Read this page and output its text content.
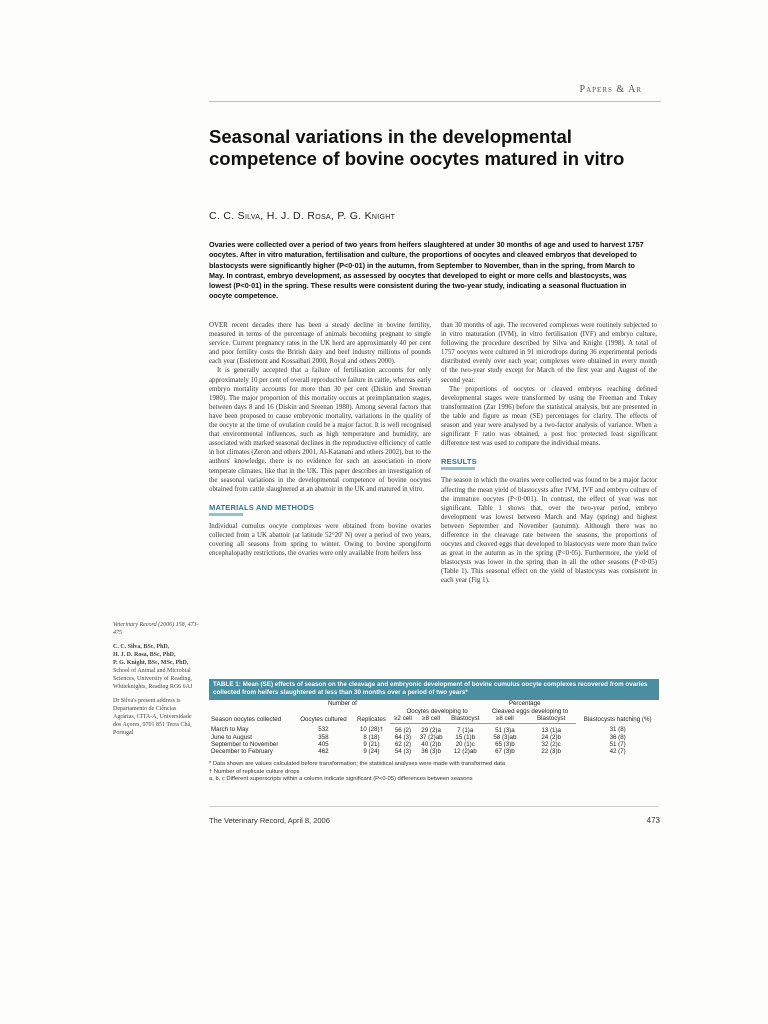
Papers & Ar
Seasonal variations in the developmental competence of bovine oocytes matured in vitro
C. C. Silva, H. J. D. Rosa, P. G. Knight

Ovaries were collected over a period of two years from heifers slaughtered at under 30 months of age and used to harvest 1757 oocytes. After in vitro maturation, fertilisation and culture, the proportions of oocytes and cleaved embryos that developed to blastocysts were significantly higher (P<0·01) in the autumn, from September to November, than in the spring, from March to May. In contrast, embryo development, as assessed by oocytes that developed to eight or more cells and blastocysts, was lowest (P<0·01) in the spring. These results were consistent during the two-year study, indicating a seasonal fluctuation in oocyte competence.

OVER recent decades there has been a steady decline in bovine fertility, measured in terms of the percentage of animals becoming pregnant to single service. Current pregnancy rates in the UK herd are approximately 40 per cent and poor fertility costs the British dairy and beef industry millions of pounds each year (Esslemont and Kossaibati 2000, Royal and others 2000).

It is generally accepted that a failure of fertilisation accounts for only approximately 10 per cent of overall reproductive failure in cattle, whereas early embryo mortality accounts for more than 30 per cent (Diskin and Sreenan 1980). The major proportion of this mortality occurs at preimplantation stages, between days 8 and 16 (Diskin and Sreenan 1980). Among several factors that have been proposed to cause embryonic mortality, variations in the quality of the oocyte at the time of ovulation could be a major factor. It is well recognised that environmental influences, such as high temperature and humidity, are associated with marked seasonal declines in the reproductive efficiency of cattle in hot climates (Zeron and others 2001, Al-Katanani and others 2002), but to the authors' knowledge, there is no evidence for such an association in more temperate climates, like that in the UK. This paper describes an investigation of the seasonal variations in the developmental competence of bovine oocytes obtained from cattle slaughtered at an abattoir in the UK and matured in vitro.

MATERIALS AND METHODS

Individual cumulus oocyte complexes were obtained from bovine ovaries collected from a UK abattoir (at latitude 52°20' N) over a period of two years, covering all seasons from spring to winter. Owing to bovine spongiform encephalopathy restrictions, the ovaries were only available from heifers less

than 30 months of age. The recovered complexes were routinely subjected to in vitro maturation (IVM), in vitro fertilisation (IVF) and embryo culture, following the procedure described by Silva and Knight (1998). A total of 1757 oocytes were cultured in 91 microdrops during 36 experimental periods distributed evenly over each year; complexes were obtained in every month of the two-year study except for March of the first year and August of the second year.

The proportions of oocytes or cleaved embryos reaching defined developmental stages were transformed by using the Freeman and Tukey transformation (Zar 1996) before the statistical analysis, but are presented in the table and figure as mean (SE) percentages for clarity. The effects of season and year were analysed by a two-factor analysis of variance. When a significant F ratio was obtained, a post hoc protected least significant difference test was used to compare the individual means.

RESULTS

The season in which the ovaries were collected was found to be a major factor affecting the mean yield of blastocysts after IVM, IVF and embryo culture of the immature oocytes (P<0·001). In contrast, the effect of year was not significant. Table 1 shows that, over the two-year period, embryo development was lowest between March and May (spring) and highest between September and November (autumn). Although there was no difference in the cleavage rate between the seasons, the proportions of oocytes and cleaved eggs that developed to blastocysts were more than twice as great in the autumn as in the spring (P<0·05). Furthermore, the yield of blastocysts was lower in the spring than in all the other seasons (P<0·05) (Table 1). This seasonal effect on the yield of blastocysts was consistent in each year (Fig 1).

Veterinary Record (2006) 158, 473-475

C. C. Silva, BSc, PhD,
H. J. D. Rosa, BSc, PhD,
P. G. Knight, BSc, MSc, PhD,
School of Animal and Microbial Sciences, University of Reading, Whiteknights, Reading RG6 6AJ

Dr Silva's present address is Departamento de Ciências Agrárias, CITA-A, Universidade dos Açores, 9701 851 Terra Chã, Portugal

TABLE 1: Mean (SE) effects of season on the cleavage and embryonic development of bovine cumulus oocyte complexes recovered from ovaries collected from heifers slaughtered at less than 30 months over a period of two years*
	Number of		Percentage					
Season oocytes collected	Oocytes cultured	Replicates	Oocytes developing to			Cleaved eggs developing to		Blastocysts hatching (%)
			≥2 cell	≥8 cell	Blastocyst	≥8 cell	Blastocyst	
March to May	532	10 (28)†	56 (2)	29 (2)a	7 (1)a	51 (3)a	13 (1)a	31 (8)
June to August	358	8 (18)	64 (3)	37 (2)ab	15 (1)b	58 (3)ab	24 (2)b	36 (8)
September to November	405	9 (21)	62 (2)	40 (2)b	20 (1)c	65 (3)b	32 (2)c	51 (7)
December to February	462	9 (24)	54 (3)	36 (3)b	12 (2)ab	67 (3)b	22 (3)b	42 (7)
* Data shown are values calculated before transformation; the statistical analyses were made with transformed data
† Number of replicate culture drops
a, b, c Different superscripts within a column indicate significant (P<0·05) differences between seasons
The Veterinary Record, April 8, 2006	473
